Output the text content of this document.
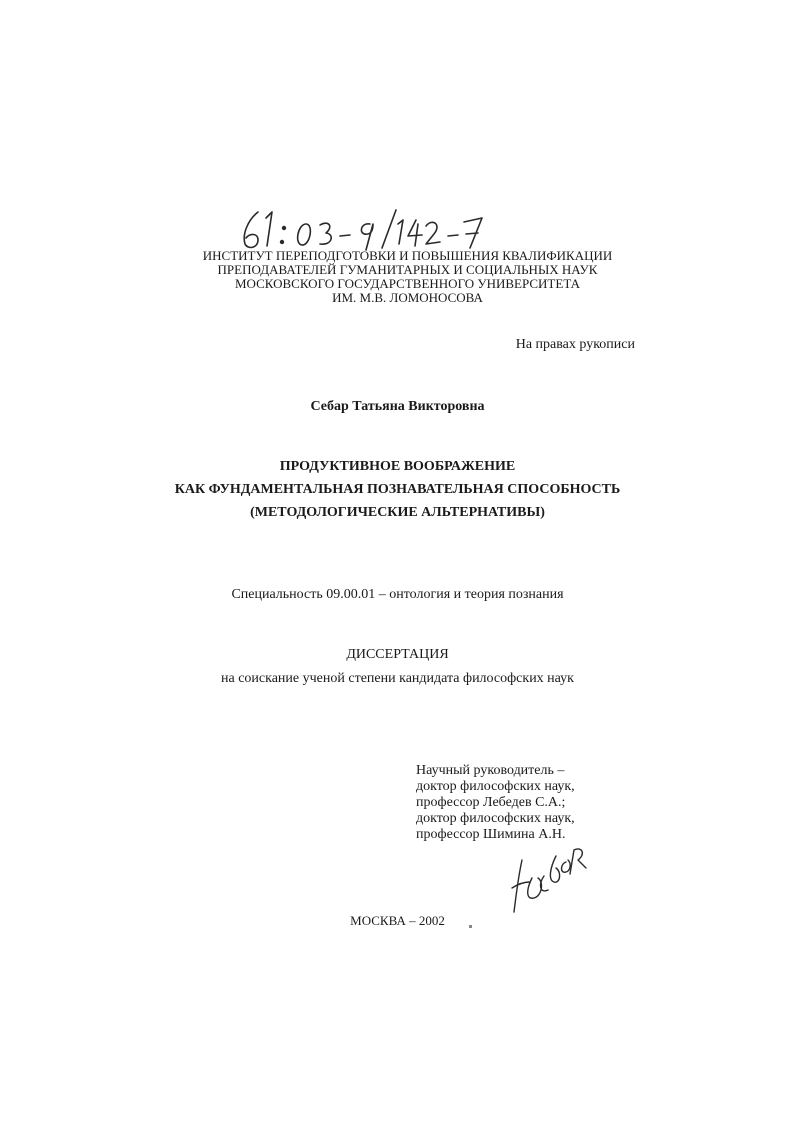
ИНСТИТУТ ПЕРЕПОДГОТОВКИ И ПОВЫШЕНИЯ КВАЛИФИКАЦИИ
ПРЕПОДАВАТЕЛЕЙ ГУМАНИТАРНЫХ И СОЦИАЛЬНЫХ НАУК
МОСКОВСКОГО ГОСУДАРСТВЕННОГО УНИВЕРСИТЕТА
ИМ. М.В. ЛОМОНОСОВА
На правах рукописи
Себар Татьяна Викторовна
ПРОДУКТИВНОЕ ВООБРАЖЕНИЕ
КАК ФУНДАМЕНТАЛЬНАЯ ПОЗНАВАТЕЛЬНАЯ СПОСОБНОСТЬ
(МЕТОДОЛОГИЧЕСКИЕ АЛЬТЕРНАТИВЫ)
Специальность 09.00.01 – онтология и теория познания
ДИССЕРТАЦИЯ
на соискание ученой степени кандидата философских наук
Научный руководитель –
доктор философских наук,
профессор Лебедев С.А.;
доктор философских наук,
профессор Шимина А.Н.
МОСКВА – 2002
